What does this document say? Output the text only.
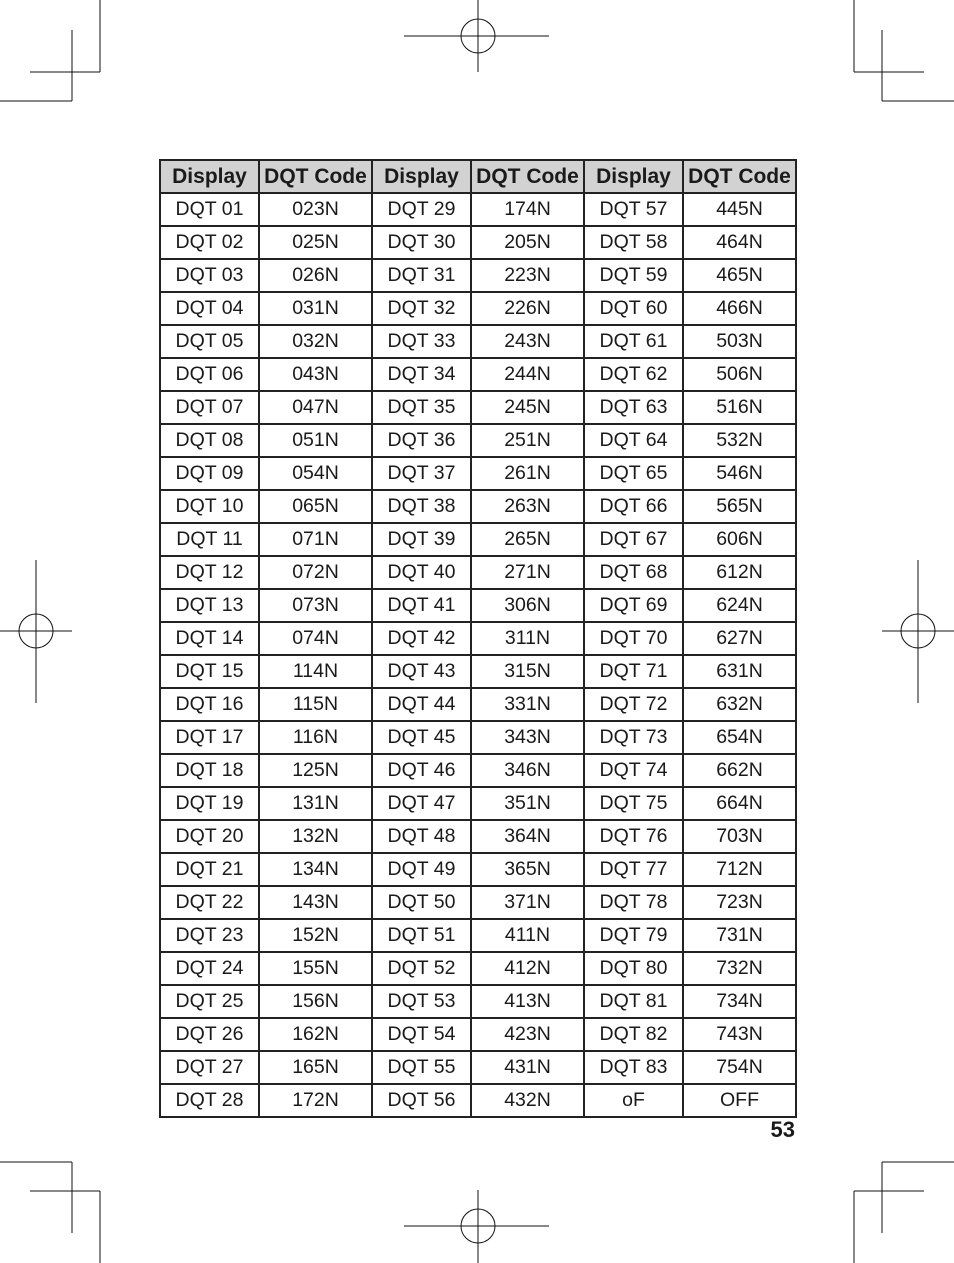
Display	DQT Code	Display	DQT Code	Display	DQT Code
DQT 01	023N	DQT 29	174N	DQT 57	445N
DQT 02	025N	DQT 30	205N	DQT 58	464N
DQT 03	026N	DQT 31	223N	DQT 59	465N
DQT 04	031N	DQT 32	226N	DQT 60	466N
DQT 05	032N	DQT 33	243N	DQT 61	503N
DQT 06	043N	DQT 34	244N	DQT 62	506N
DQT 07	047N	DQT 35	245N	DQT 63	516N
DQT 08	051N	DQT 36	251N	DQT 64	532N
DQT 09	054N	DQT 37	261N	DQT 65	546N
DQT 10	065N	DQT 38	263N	DQT 66	565N
DQT 11	071N	DQT 39	265N	DQT 67	606N
DQT 12	072N	DQT 40	271N	DQT 68	612N
DQT 13	073N	DQT 41	306N	DQT 69	624N
DQT 14	074N	DQT 42	311N	DQT 70	627N
DQT 15	114N	DQT 43	315N	DQT 71	631N
DQT 16	115N	DQT 44	331N	DQT 72	632N
DQT 17	116N	DQT 45	343N	DQT 73	654N
DQT 18	125N	DQT 46	346N	DQT 74	662N
DQT 19	131N	DQT 47	351N	DQT 75	664N
DQT 20	132N	DQT 48	364N	DQT 76	703N
DQT 21	134N	DQT 49	365N	DQT 77	712N
DQT 22	143N	DQT 50	371N	DQT 78	723N
DQT 23	152N	DQT 51	411N	DQT 79	731N
DQT 24	155N	DQT 52	412N	DQT 80	732N
DQT 25	156N	DQT 53	413N	DQT 81	734N
DQT 26	162N	DQT 54	423N	DQT 82	743N
DQT 27	165N	DQT 55	431N	DQT 83	754N
DQT 28	172N	DQT 56	432N	oF	OFF
53
